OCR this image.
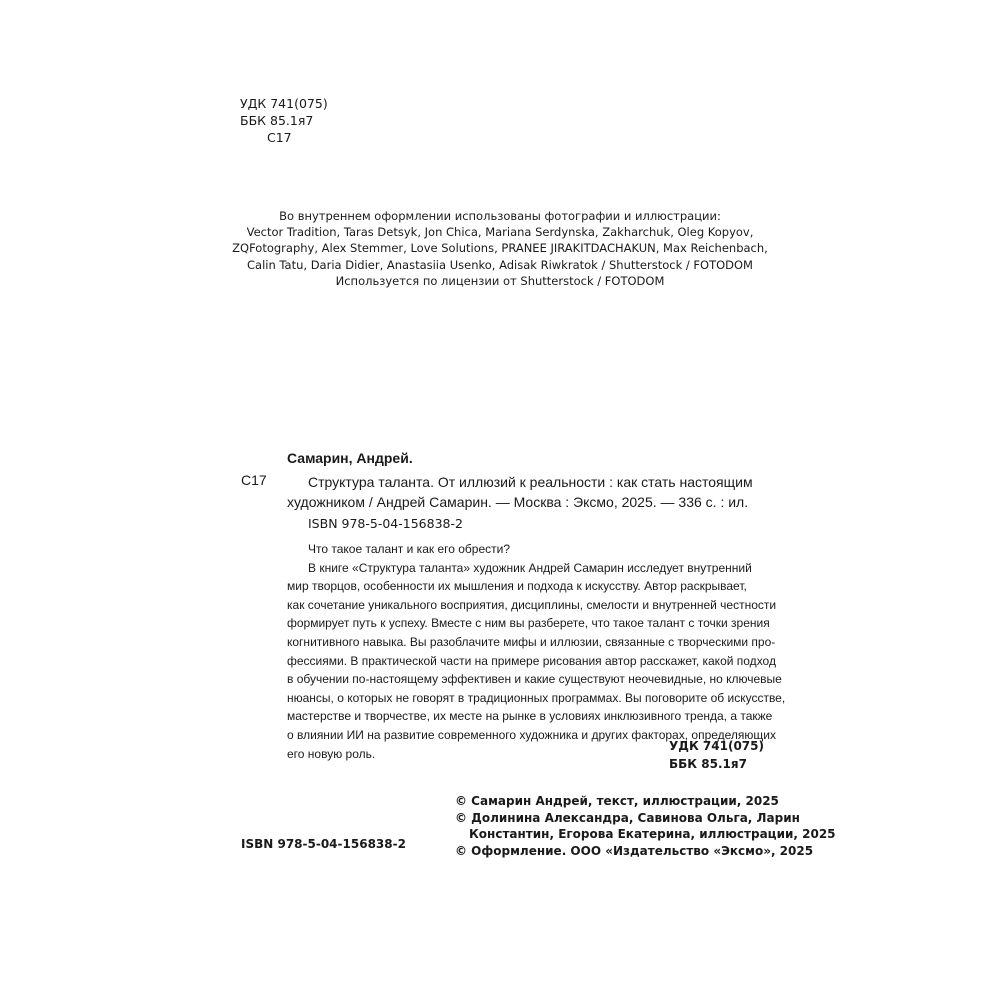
УДК 741(075)
ББК 85.1я7
С17
Во внутреннем оформлении использованы фотографии и иллюстрации:
Vector Tradition, Taras Detsyk, Jon Chica, Mariana Serdynska, Zakharchuk, Oleg Kopyov,
ZQFotography, Alex Stemmer, Love Solutions, PRANEE JIRAKITDACHAKUN, Max Reichenbach,
Calin Tatu, Daria Didier, Anastasiia Usenko, Adisak Riwkratok / Shutterstock / FOTODOM
Используется по лицензии от Shutterstock / FOTODOM
Самарин, Андрей.
С17	Структура таланта. От иллюзий к реальности : как стать настоящим
художником / Андрей Самарин. — Москва : Эксмо, 2025. — 336 с. : ил.
ISBN 978-5-04-156838-2
Что такое талант и как его обрести?
В книге «Структура таланта» художник Андрей Самарин исследует внутренний
мир творцов, особенности их мышления и подхода к искусству. Автор раскрывает,
как сочетание уникального восприятия, дисциплины, смелости и внутренней честности
формирует путь к успеху. Вместе с ним вы разберете, что такое талант с точки зрения
когнитивного навыка. Вы разоблачите мифы и иллюзии, связанные с творческими про-
фессиями. В практической части на примере рисования автор расскажет, какой подход
в обучении по-настоящему эффективен и какие существуют неочевидные, но ключевые
нюансы, о которых не говорят в традиционных программах. Вы поговорите об искусстве,
мастерстве и творчестве, их месте на рынке в условиях инклюзивного тренда, а также
о влиянии ИИ на развитие современного художника и других факторах, определяющих
его новую роль.
УДК 741(075)
ББК 85.1я7
ISBN 978-5-04-156838-2
© Самарин Андрей, текст, иллюстрации, 2025
© Долинина Александра, Савинова Ольга, Ларин
Константин, Егорова Екатерина, иллюстрации, 2025
© Оформление. ООО «Издательство «Эксмо», 2025
